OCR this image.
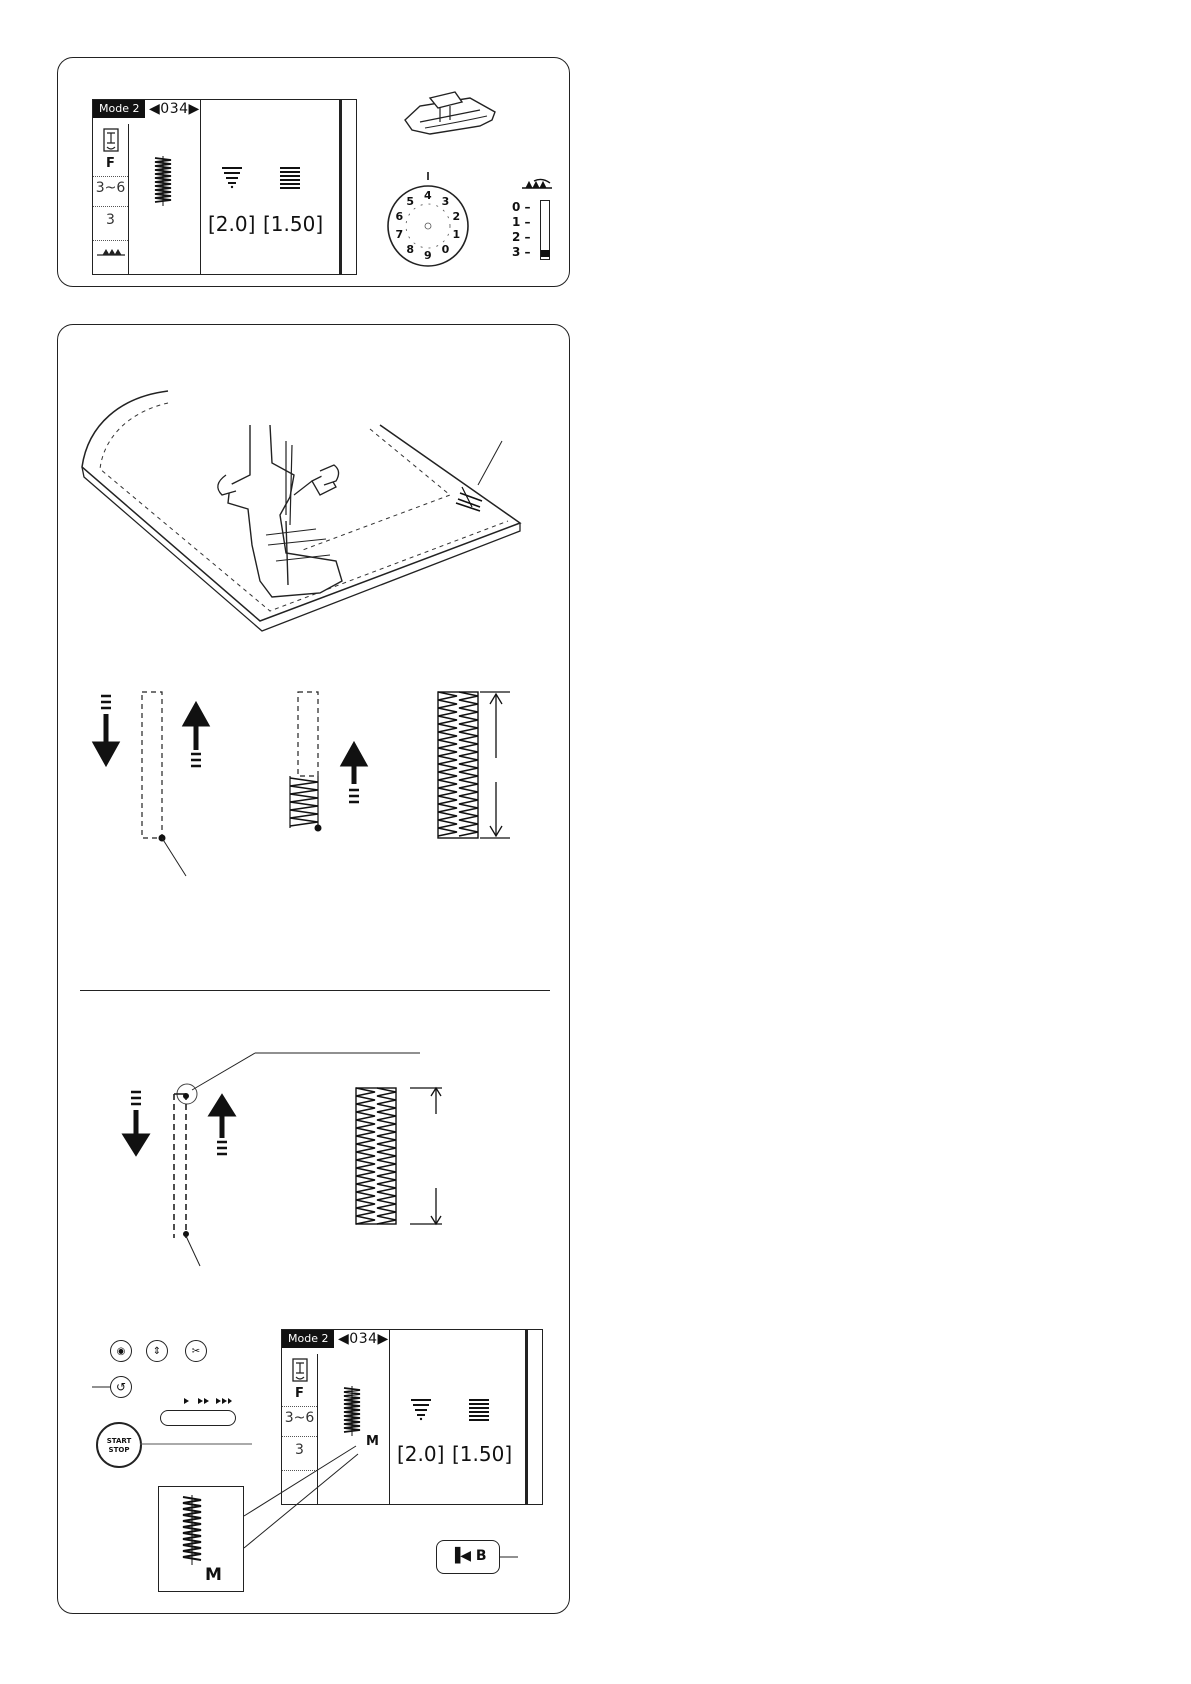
Mode 2 ◀034▶
F
3~6
3	[2.0] [1.50]
5 4 3
2
1
0
9
8
7
6
0 –
1 –
2 –
3 –
◉	⇕	✂
↺
START
STOP
Mode 2 ◀034▶
F
3~6
3
M
[2.0] [1.50]
M
▐◀ B
